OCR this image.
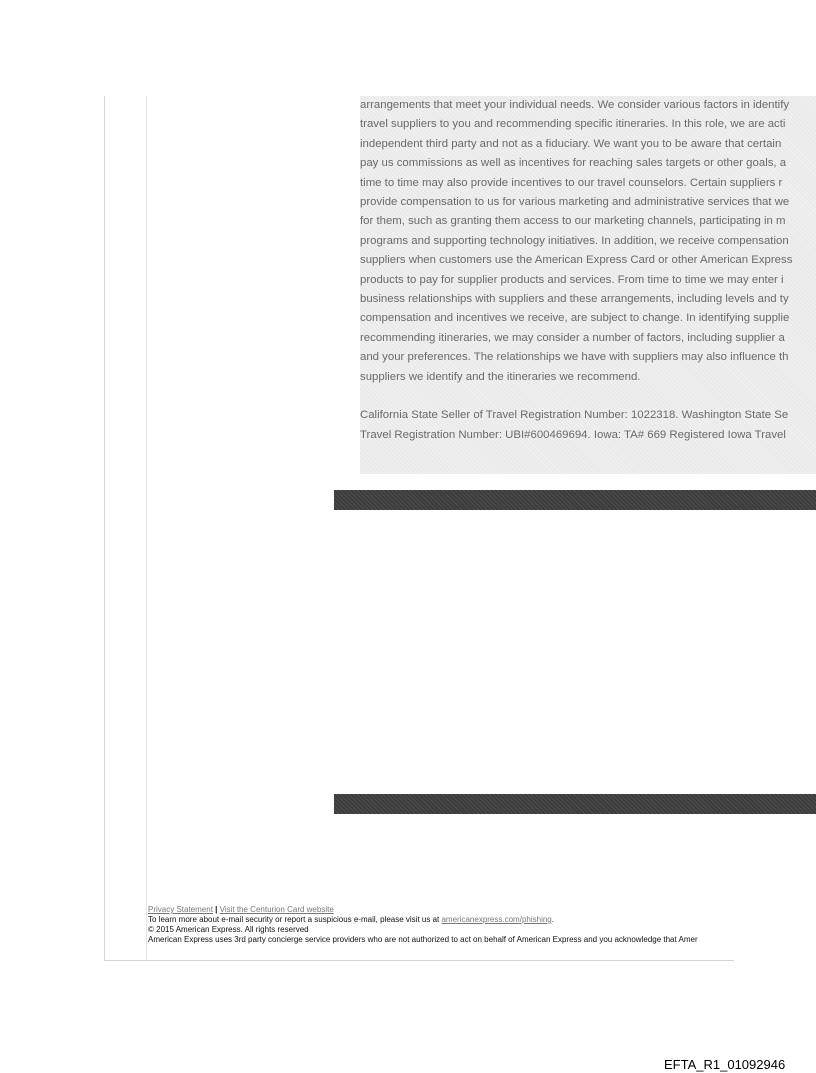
arrangements that meet your individual needs. We consider various factors in identify
travel suppliers to you and recommending specific itineraries. In this role, we are acti
independent third party and not as a fiduciary. We want you to be aware that certain
pay us commissions as well as incentives for reaching sales targets or other goals, a
time to time may also provide incentives to our travel counselors. Certain suppliers r
provide compensation to us for various marketing and administrative services that we
for them, such as granting them access to our marketing channels, participating in m
programs and supporting technology initiatives. In addition, we receive compensation
suppliers when customers use the American Express Card or other American Express
products to pay for supplier products and services. From time to time we may enter i
business relationships with suppliers and these arrangements, including levels and ty
compensation and incentives we receive, are subject to change. In identifying supplie
recommending itineraries, we may consider a number of factors, including supplier a
and your preferences. The relationships we have with suppliers may also influence th
suppliers we identify and the itineraries we recommend.
California State Seller of Travel Registration Number: 1022318. Washington State Se
Travel Registration Number: UBI#600469694. Iowa: TA# 669 Registered Iowa Travel
Privacy Statement | Visit the Centurion Card website
To learn more about e-mail security or report a suspicious e-mail, please visit us at americanexpress.com/phishing.
© 2015 American Express. All rights reserved
American Express uses 3rd party concierge service providers who are not authorized to act on behalf of American Express and you acknowledge that Amer
EFTA_R1_01092946
